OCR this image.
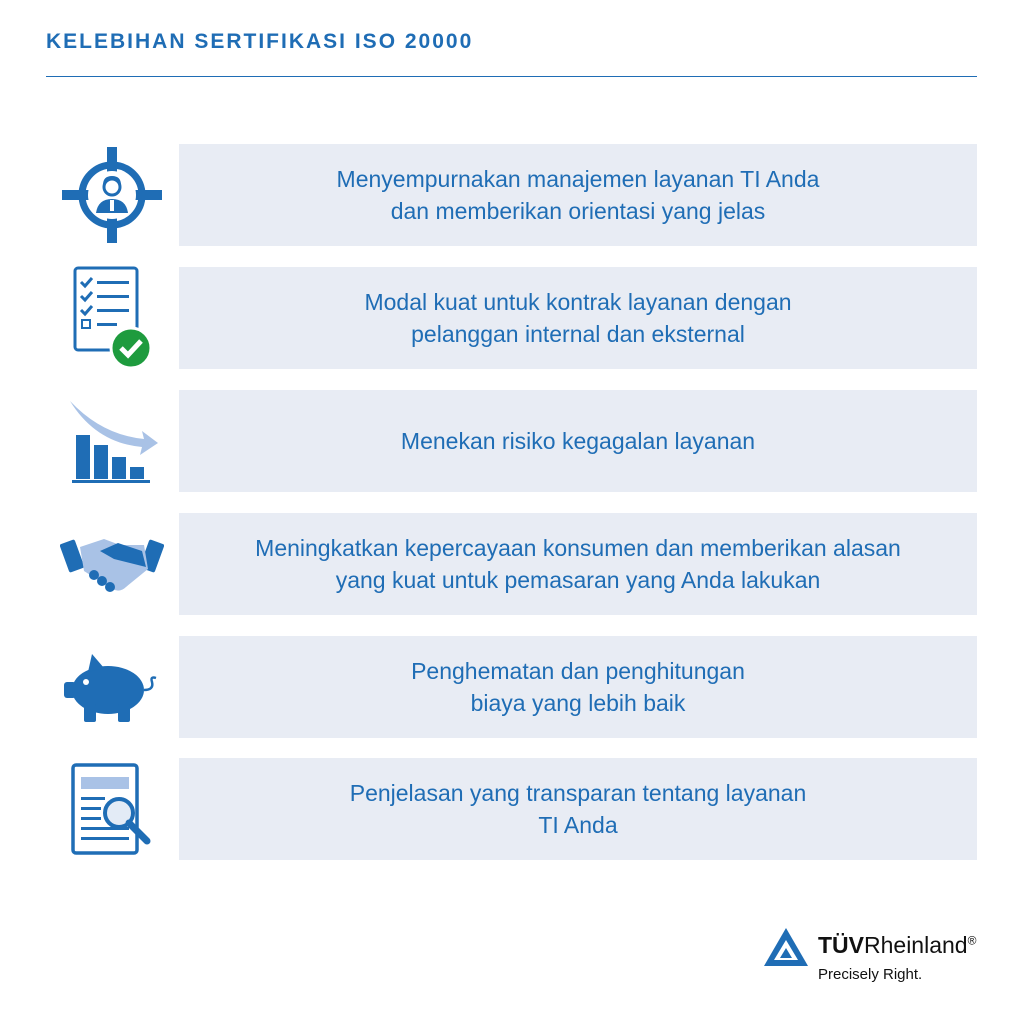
KELEBIHAN SERTIFIKASI ISO 20000
Menyempurnakan manajemen layanan TI Anda
dan memberikan orientasi yang jelas
Modal kuat untuk kontrak layanan dengan
pelanggan internal dan eksternal
Menekan risiko kegagalan layanan
Meningkatkan kepercayaan konsumen dan memberikan alasan
yang kuat untuk pemasaran yang Anda lakukan
Penghematan dan penghitungan
biaya yang lebih baik
Penjelasan yang transparan tentang layanan
TI Anda
TÜVRheinland®
Precisely Right.
